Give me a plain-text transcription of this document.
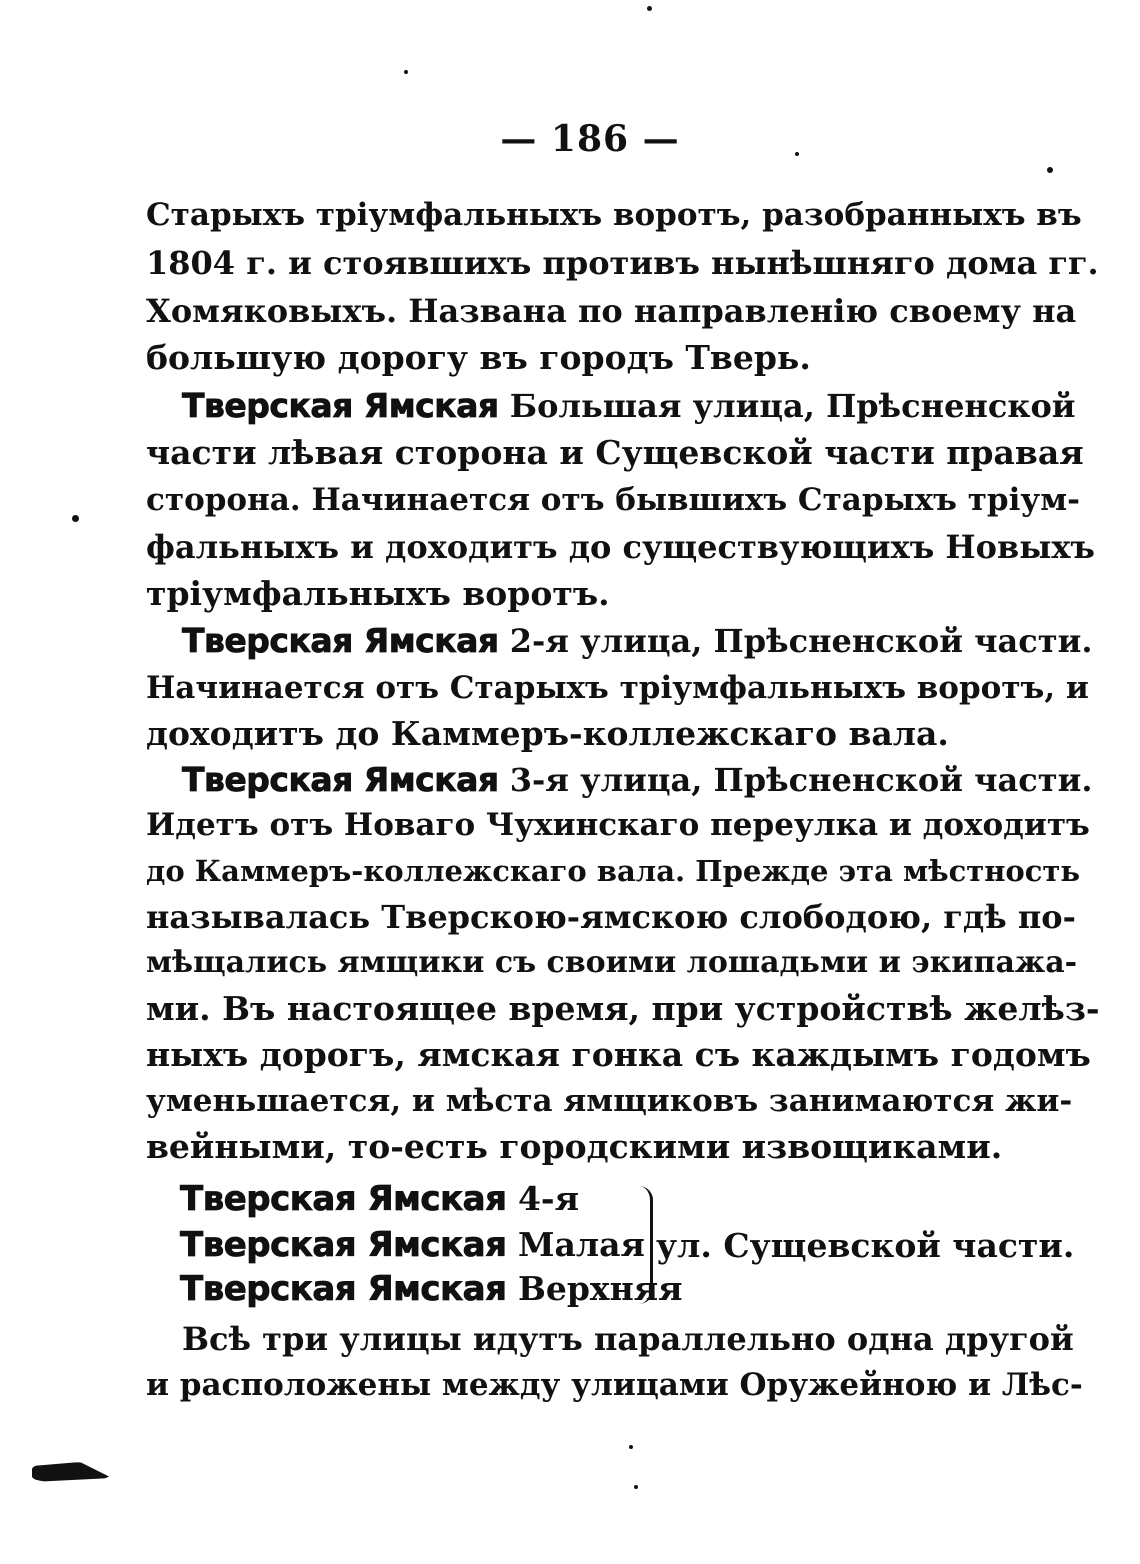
— 186 —
Старыхъ тріумфальныхъ воротъ, разобранныхъ въ
1804 г. и стоявшихъ противъ нынѣшняго дома гг.
Хомяковыхъ. Названа по направленію своему на
большую дорогу въ городъ Тверь.
Тверская Ямская Большая улица, Прѣсненской
части лѣвая сторона и Сущевской части правая
сторона. Начинается отъ бывшихъ Старыхъ тріум-
фальныхъ и доходитъ до существующихъ Новыхъ
тріумфальныхъ воротъ.
Тверская Ямская 2-я улица, Прѣсненской части.
Начинается отъ Старыхъ тріумфальныхъ воротъ, и
доходитъ до Каммеръ-коллежскаго вала.
Тверская Ямская 3-я улица, Прѣсненской части.
Идетъ отъ Новаго Чухинскаго переулка и доходитъ
до Каммеръ-коллежскаго вала. Прежде эта мѣстность
называлась Тверскою-ямскою слободою, гдѣ по-
мѣщались ямщики съ своими лошадьми и экипажа-
ми. Въ настоящее время, при устройствѣ желѣз-
ныхъ дорогъ, ямская гонка съ каждымъ годомъ
уменьшается, и мѣста ямщиковъ занимаются жи-
вейными, то-есть городскими извощиками.
Тверская Ямская 4-я
Тверская Ямская Малая
Тверская Ямская Верхняя
ул. Сущевской части.
Всѣ три улицы идутъ параллельно одна другой
и расположены между улицами Оружейною и Лѣс-
